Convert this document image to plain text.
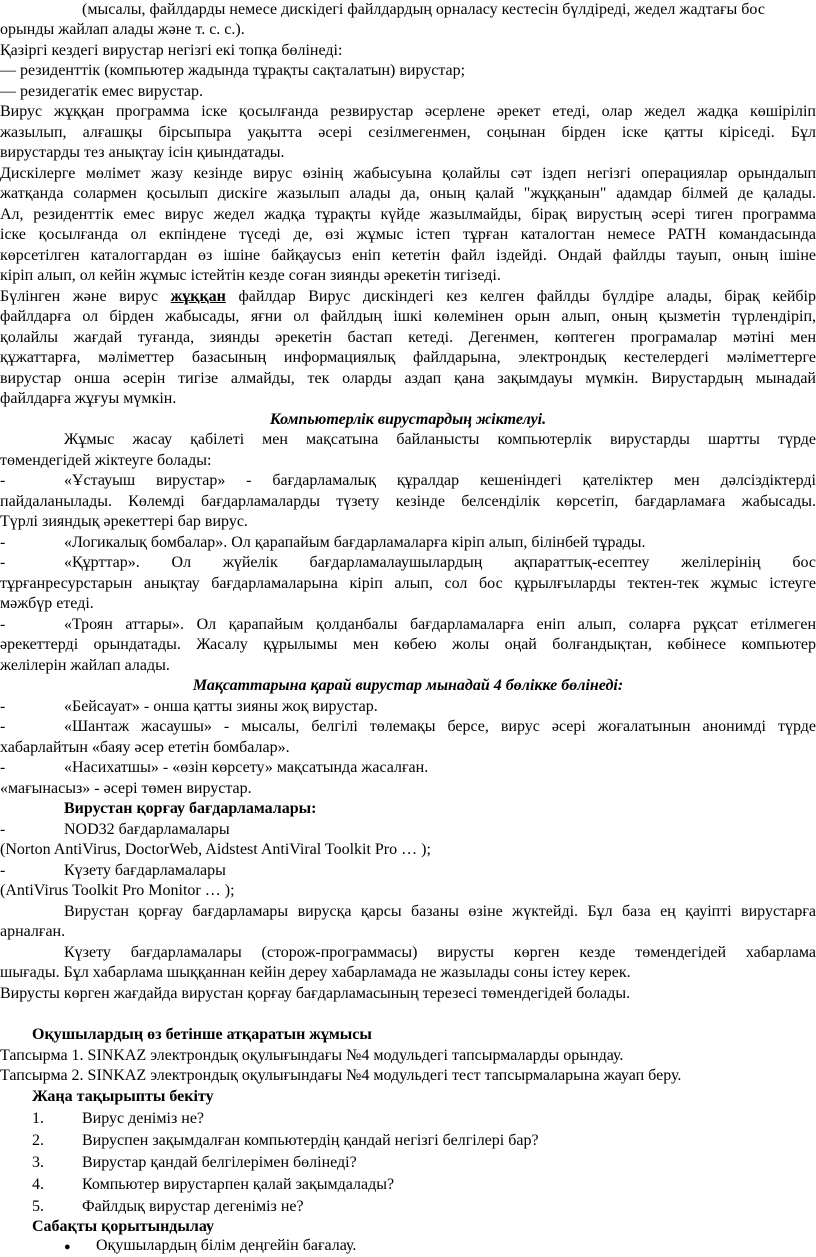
(мысалы, файлдарды немесе дискідегі файлдардың орналасу кестесін бүлдіреді, жедел жадтағы бос
орынды жайлап алады және т. с. с.).
Қазіргі кездегі вирустар негізгі екі топқа бөлінеді:
— резиденттік (компьютер жадында тұрақты сақталатын) вирустар;
— резидегатік емес вирустар.
Вирус жұққан программа іске қосылғанда резвирустар әсерлене әрекет етеді, олар жедел жадқа көшіріліп
жазылып, алғашқы бірсыпыра уақытта әсері сезілмегенмен, соңынан бірден іске қатты кіріседі. Бұл
вирустарды тез анықтау ісін қиындатады.
Дискілерге мөлімет жазу кезінде вирус өзінің жабысуына қолайлы сәт іздеп негізгі операциялар орындалып
жатқанда солармен қосылып дискіге жазылып алады да, оның қалай "жұққанын" адамдар білмей де қалады.
Ал, резиденттік емес вирус жедел жадқа тұрақты күйде жазылмайды, бірақ вирустың әсері тиген программа
іске қосылғанда ол екпіндене түседі де, өзі жұмыс істеп тұрған каталогтан немесе PATH командасында
көрсетілген каталоггардан өз ішіне байқаусыз еніп кететін файл іздейді. Ондай файлды тауып, оның ішіне
кіріп алып, ол кейін жұмыс істейтін кезде соған зиянды әрекетін тигізеді.
Бүлінген және вирус жұққан файлдар Вирус дискіндегі кез келген файлды бүлдіре алады, бірақ кейбір
файлдарға ол бірден жабысады, яғни ол файлдың ішкі көлемінен орын алып, оның қызметін түрлендіріп,
қолайлы жағдай туғанда, зиянды әрекетін бастап кетеді. Дегенмен, көптеген програмалар мәтіні мен
құжаттарға, мәліметтер базасының информациялық файлдарына, электрондық кестелердегі мәліметтерге
вирустар онша әсерін тигізе алмайды, тек оларды аздап қана зақымдауы мүмкін. Вирустардың мынадай
файлдарға жұғуы мүмкін.
Компьютерлік вирустардың жіктелуі.
Жұмыс жасау қабілеті мен мақсатына байланысты компьютерлік вирустарды шартты түрде
төмендегідей жіктеуге болады:
-	«Ұстауыш вирустар» - бағдарламалық құралдар кешеніндегі қателіктер мен дәлсіздіктерді
пайдаланылады. Көлемді бағдарламаларды түзету кезінде белсенділік көрсетіп, бағдарламаға жабысады.
Түрлі зияндық әрекеттері бар вирус.
-	«Логикалық бомбалар». Ол қарапайым бағдарламаларға кіріп алып, білінбей тұрады.
-	«Құрттар». Ол жүйелік бағдарламалаушылардың ақпараттық-есептеу желілерінің бос
тұрғанресурстарын анықтау бағдарламаларына кіріп алып, сол бос құрылғыларды тектен-тек жұмыс істеуге
мәжбүр етеді.
-	«Троян аттары». Ол қарапайым қолданбалы бағдарламаларға еніп алып, соларға рұқсат етілмеген
әрекеттерді орындатады. Жасалу құрылымы мен көбею жолы оңай болғандықтан, көбінесе компьютер
желілерін жайлап алады.
Мақсаттарына қарай вирустар мынадай 4 бөлікке бөлінеді:
-	«Бейсауат» - онша қатты зияны жоқ вирустар.
-	«Шантаж жасаушы» - мысалы, белгілі төлемақы берсе, вирус әсері жоғалатынын анонимді түрде
хабарлайтын «баяу әсер ететін бомбалар».
-	«Насихатшы» - «өзін көрсету» мақсатында жасалған.
«мағынасыз» - әсері төмен вирустар.
Вирустан қорғау бағдарламалары:
-	NOD32 бағдарламалары
(Norton AntiVirus, DoctorWeb, Aidstest AntiViral Toolkit Pro … );
-	Күзету бағдарламалары
(AntiVirus Toolkit Pro Monitor … );
Вирустан қорғау бағдарламары вирусқа қарсы базаны өзіне жүктейді. Бұл база ең қауіпті вирустарға
арналған.
Күзету бағдарламалары (сторож-программасы) вирусты көрген кезде төмендегідей хабарлама
шығады. Бұл хабарлама шыққаннан кейін дереу хабарламада не жазылады соны істеу керек.
Вирусты көрген жағдайда вирустан қорғау бағдарламасының терезесі төмендегідей болады.
Оқушылардың өз бетінше атқаратын жұмысы
Тапсырма 1. SINKAZ электрондық оқулығындағы №4 модульдегі тапсырмаларды орындау.
Тапсырма 2. SINKAZ электрондық оқулығындағы №4 модульдегі тест тапсырмаларына жауап беру.
Жаңа тақырыпты бекіту
1. Вирус деніміз не?
2. Вируспен зақымдалған компьютердің қандай негізгі белгілері бар?
3. Вирустар қандай белгілерімен бөлінеді?
4. Компьютер вирустарпен қалай зақымдалады?
5. Файлдық вирустар дегеніміз не?
Сабақты қорытындылау
● Оқушылардың білім деңгейін бағалау.
